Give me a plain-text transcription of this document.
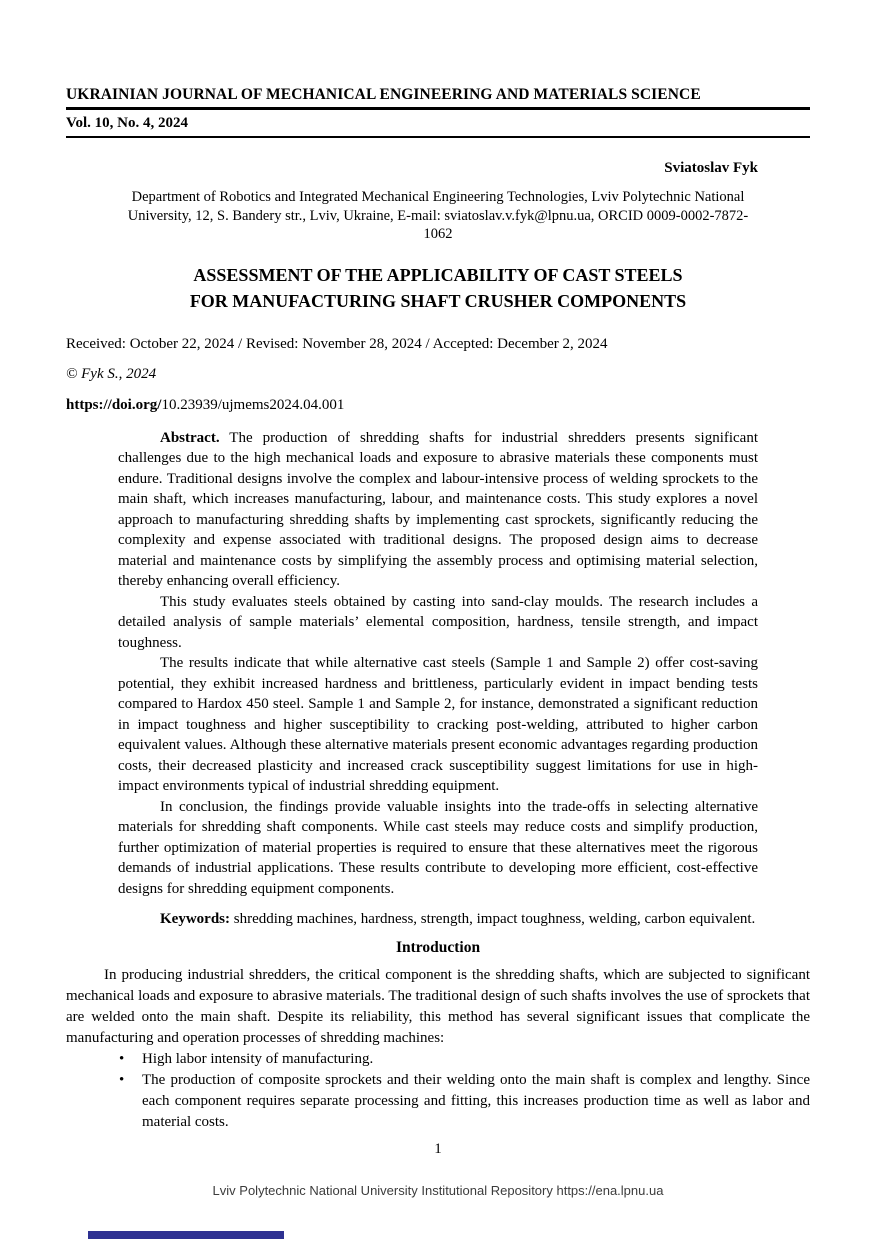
UKRAINIAN JOURNAL OF MECHANICAL ENGINEERING AND MATERIALS SCIENCE
Vol. 10, No. 4, 2024
Sviatoslav Fyk
Department of Robotics and Integrated Mechanical Engineering Technologies, Lviv Polytechnic National University, 12, S. Bandery str., Lviv, Ukraine, E-mail: sviatoslav.v.fyk@lpnu.ua, ORCID 0009-0002-7872-1062
ASSESSMENT OF THE APPLICABILITY OF CAST STEELS
FOR MANUFACTURING SHAFT CRUSHER COMPONENTS
Received: October 22, 2024 / Revised: November 28, 2024 / Accepted: December 2, 2024
© Fyk S., 2024
https://doi.org/10.23939/ujmems2024.04.001

Abstract. The production of shredding shafts for industrial shredders presents significant challenges due to the high mechanical loads and exposure to abrasive materials these components must endure. Traditional designs involve the complex and labour-intensive process of welding sprockets to the main shaft, which increases manufacturing, labour, and maintenance costs. This study explores a novel approach to manufacturing shredding shafts by implementing cast sprockets, significantly reducing the complexity and expense associated with traditional designs. The proposed design aims to decrease material and maintenance costs by simplifying the assembly process and optimising material selection, thereby enhancing overall efficiency.

This study evaluates steels obtained by casting into sand-clay moulds. The research includes a detailed analysis of sample materials’ elemental composition, hardness, tensile strength, and impact toughness.

The results indicate that while alternative cast steels (Sample 1 and Sample 2) offer cost-saving potential, they exhibit increased hardness and brittleness, particularly evident in impact bending tests compared to Hardox 450 steel. Sample 1 and Sample 2, for instance, demonstrated a significant reduction in impact toughness and higher susceptibility to cracking post-welding, attributed to higher carbon equivalent values. Although these alternative materials present economic advantages regarding production costs, their decreased plasticity and increased crack susceptibility suggest limitations for use in high-impact environments typical of industrial shredding equipment.

In conclusion, the findings provide valuable insights into the trade-offs in selecting alternative materials for shredding shaft components. While cast steels may reduce costs and simplify production, further optimization of material properties is required to ensure that these alternatives meet the rigorous demands of industrial applications. These results contribute to developing more efficient, cost-effective designs for shredding equipment components.

Keywords: shredding machines, hardness, strength, impact toughness, welding, carbon equivalent.

Introduction

In producing industrial shredders, the critical component is the shredding shafts, which are subjected to significant mechanical loads and exposure to abrasive materials. The traditional design of such shafts involves the use of sprockets that are welded onto the main shaft. Despite its reliability, this method has several significant issues that complicate the manufacturing and operation processes of shredding machines:

• High labor intensity of manufacturing.
• The production of composite sprockets and their welding onto the main shaft is complex and lengthy. Since each component requires separate processing and fitting, this increases production time as well as labor and material costs.
1
Lviv Polytechnic National University Institutional Repository https://ena.lpnu.ua
